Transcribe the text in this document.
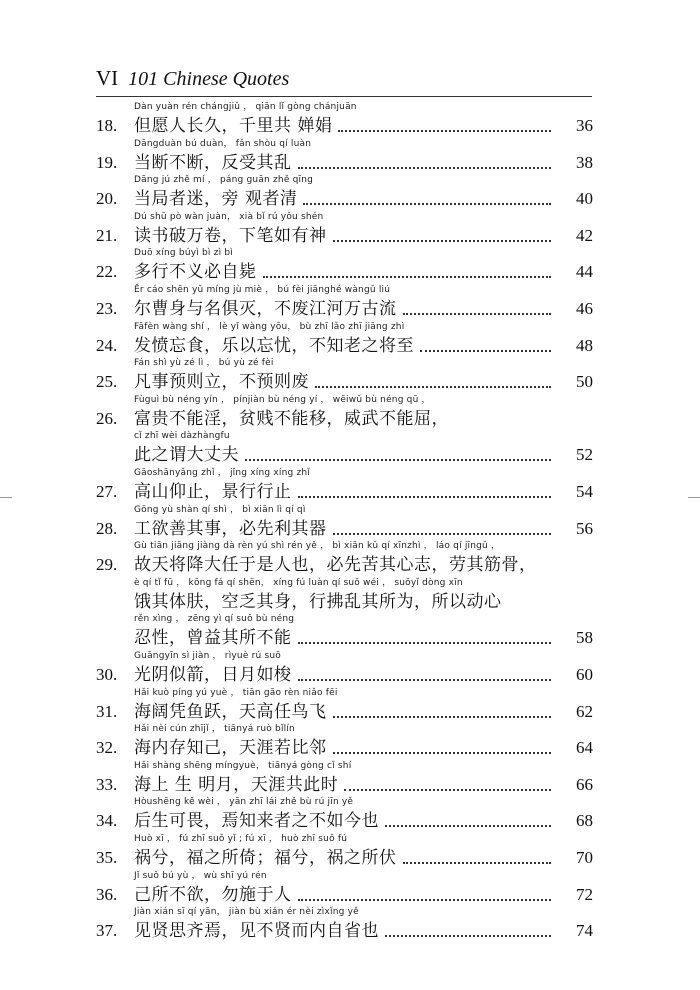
VI 101 Chinese Quotes
Dàn yuàn rén chángjiǔ ， qiān lǐ gòng chánjuān
18. 但愿人长久，千里共 婵娟	36
Dāngduàn bú duàn， fǎn shòu qí luàn
19. 当断不断，反受其乱	38
Dāng jú zhě mí ， páng guān zhě qīng
20. 当局者迷，旁 观者清	40
Dú shū pò wàn juàn， xià bǐ rú yǒu shén
21. 读书破万卷，下笔如有神	42
Duō xíng búyì bì zì bì
22. 多行不义必自毙	44
Ěr cáo shēn yǔ míng jù miè ， bú fèi jiānghé wàngǔ liú
23. 尔曹身与名俱灭，不废江河万古流	46
Fāfèn wàng shí ， lè yǐ wàng yōu， bù zhī lǎo zhī jiāng zhì
24. 发愤忘食，乐以忘忧，不知老之将至	48
Fán shì yù zé lì ， bú yù zé fèi
25. 凡事预则立，不预则废	50
Fùguì bù néng yín ， pínjiàn bù néng yí ， wēiwǔ bù néng qū ，
26. 富贵不能淫，贫贱不能移，威武不能屈，
cǐ zhī wèi dàzhàngfu
此之谓大丈夫	52
Gāoshānyǎng zhǐ ， jǐng xíng xíng zhǐ
27. 高山仰止，景行行止	54
Gōng yù shàn qí shì ， bì xiān lì qí qì
28. 工欲善其事，必先利其器	56
Gù tiān jiāng jiàng dà rèn yú shì rén yě ， bì xiān kǔ qí xīnzhì ， láo qí jīngǔ ，
29. 故天将降大任于是人也，必先苦其心志，劳其筋骨，
è qí tǐ fū ， kōng fá qí shēn， xíng fú luàn qí suǒ wéi ， suǒyǐ dòng xīn
饿其体肤，空乏其身，行拂乱其所为，所以动心
rěn xìng ， zēng yì qí suǒ bù néng
忍性，曾益其所不能	58
Guāngyīn sì jiàn ， rìyuè rú suō
30. 光阴似箭，日月如梭	60
Hǎi kuò píng yú yuè ， tiān gāo rèn niǎo fēi
31. 海阔凭鱼跃，天高任鸟飞	62
Hǎi nèi cún zhījǐ ， tiānyá ruò bǐlín
32. 海内存知己，天涯若比邻	64
Hǎi shàng shēng míngyuè， tiānyá gòng cǐ shí
33. 海上 生 明月，天涯共此时	66
Hòushēng kě wèi ， yān zhī lái zhě bù rú jīn yě
34. 后生可畏，焉知来者之不如今也	68
Huò xī ， fú zhī suǒ yǐ ; fú xī ， huò zhī suǒ fú
35. 祸兮，福之所倚；福兮，祸之所伏	70
Jǐ suǒ bú yù ， wù shī yú rén
36. 己所不欲，勿施于人	72
Jiàn xián sī qí yān， jiàn bù xián ér nèi zìxǐng yě
37. 见贤思齐焉，见不贤而内自省也	74
